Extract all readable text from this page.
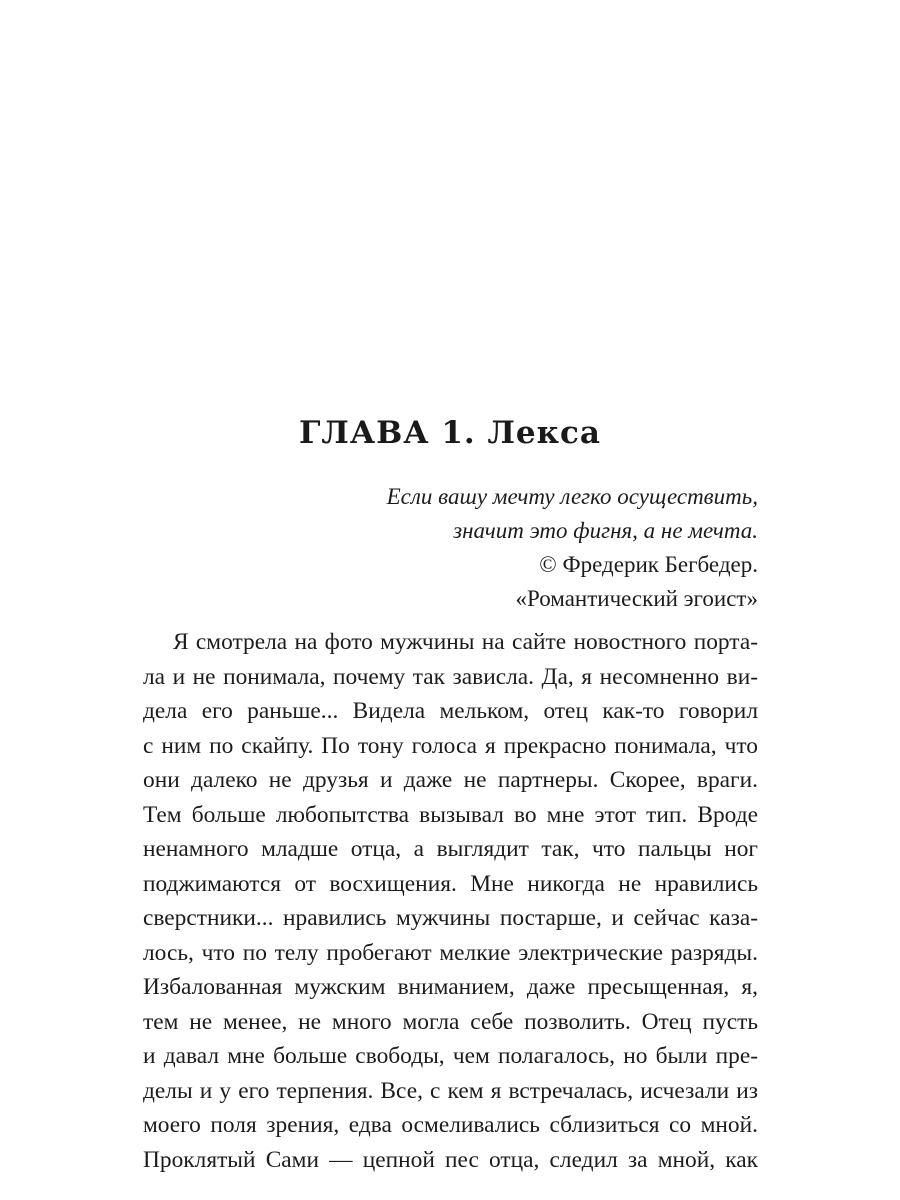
ГЛАВА 1. Лекса
Если вашу мечту легко осуществить,
значит это фигня, а не мечта.
© Фредерик Бегбедер.
«Романтический эгоист»
Я смотрела на фото мужчины на сайте новостного порта-
ла и не понимала, почему так зависла. Да, я несомненно ви-
дела его раньше... Видела мельком, отец как-то говорил
с ним по скайпу. По тону голоса я прекрасно понимала, что
они далеко не друзья и даже не партнеры. Скорее, враги.
Тем больше любопытства вызывал во мне этот тип. Вроде
ненамного младше отца, а выглядит так, что пальцы ног
поджимаются от восхищения. Мне никогда не нравились
сверстники... нравились мужчины постарше, и сейчас каза-
лось, что по телу пробегают мелкие электрические разряды.
Избалованная мужским вниманием, даже пресыщенная, я,
тем не менее, не много могла себе позволить. Отец пусть
и давал мне больше свободы, чем полагалось, но были пре-
делы и у его терпения. Все, с кем я встречалась, исчезали из
моего поля зрения, едва осмеливались сблизиться со мной.
Проклятый Сами — цепной пес отца, следил за мной, как
